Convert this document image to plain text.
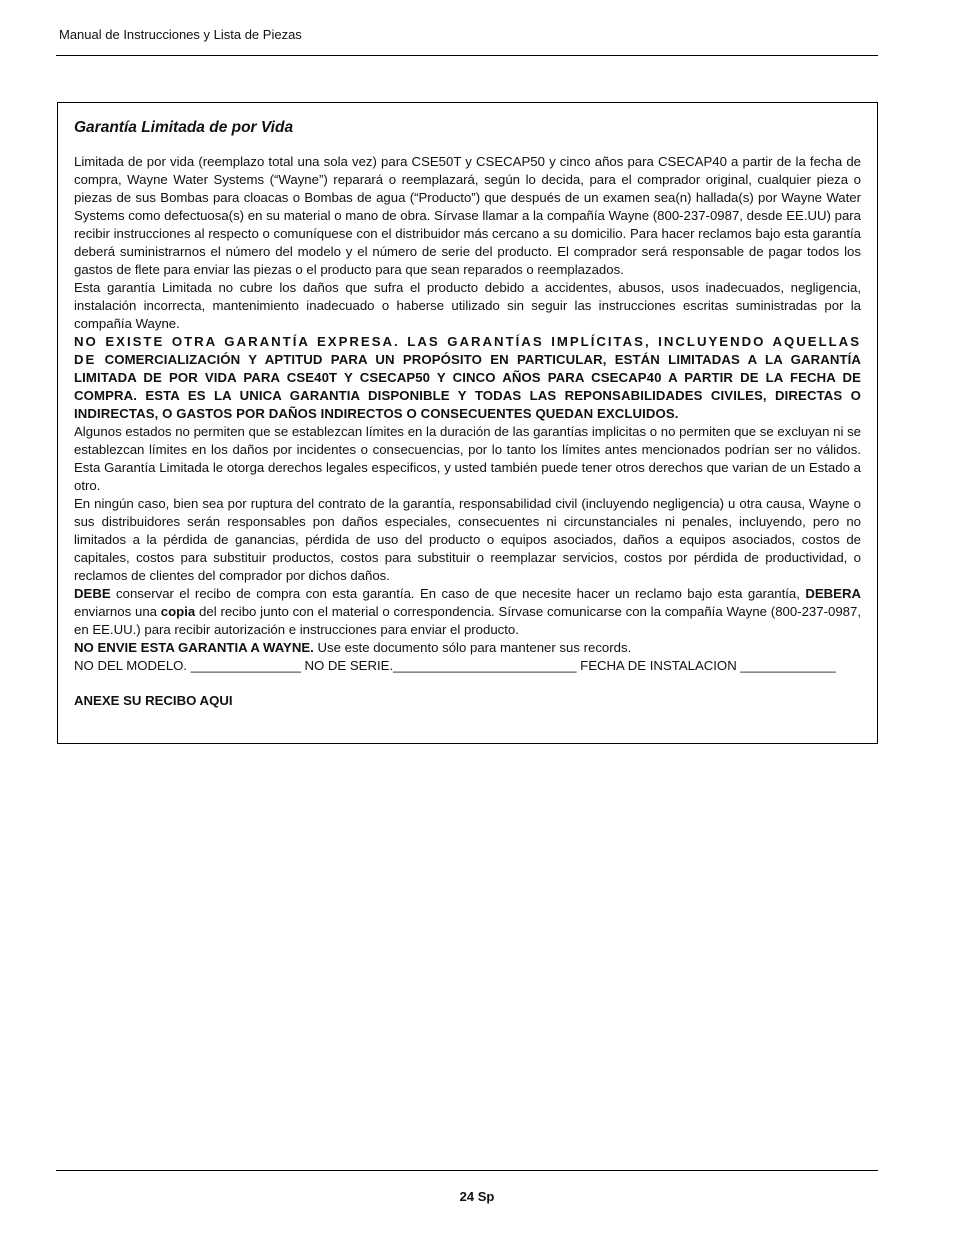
Manual de Instrucciones y Lista de Piezas
Garantía Limitada de por Vida

Limitada de por vida (reemplazo total una sola vez) para CSE50T y CSECAP50 y cinco años para CSECAP40 a partir de la fecha de compra, Wayne Water Systems (“Wayne”) reparará o reemplazará, según lo decida, para el comprador original, cualquier pieza o piezas de sus Bombas para cloacas o Bombas de agua (“Producto”) que después de un examen sea(n) hallada(s) por Wayne Water Systems como defectuosa(s) en su material o mano de obra. Sírvase llamar a la compañía Wayne (800-237-0987, desde EE.UU) para recibir instrucciones al respecto o comuníquese con el distribuidor más cercano a su domicilio. Para hacer reclamos bajo esta garantía deberá suministrarnos el número del modelo y el número de serie del producto. El comprador será responsable de pagar todos los gastos de flete para enviar las piezas o el producto para que sean reparados o reemplazados.

Esta garantía Limitada no cubre los daños que sufra el producto debido a accidentes, abusos, usos inadecuados, negligencia, instalación incorrecta, mantenimiento inadecuado o haberse utilizado sin seguir las instrucciones escritas suministradas por la compañía Wayne.

NO EXISTE OTRA GARANTÍA EXPRESA. LAS GARANTÍAS IMPLÍCITAS, INCLUYENDO AQUELLAS DE COMERCIALIZACIÓN Y APTITUD PARA UN PROPÓSITO EN PARTICULAR, ESTÁN LIMITADAS A LA GARANTÍA LIMITADA DE POR VIDA PARA CSE40T Y CSECAP50 Y CINCO AÑOS PARA CSECAP40 A PARTIR DE LA FECHA DE COMPRA. ESTA ES LA UNICA GARANTIA DISPONIBLE Y TODAS LAS REPONSABILIDADES CIVILES, DIRECTAS O INDIRECTAS, O GASTOS POR DAÑOS INDIRECTOS O CONSECUENTES QUEDAN EXCLUIDOS.

Algunos estados no permiten que se establezcan límites en la duración de las garantías implicitas o no permiten que se excluyan ni se establezcan límites en los daños por incidentes o consecuencias, por lo tanto los límites antes mencionados podrían ser no válidos. Esta Garantía Limitada le otorga derechos legales especificos, y usted también puede tener otros derechos que varian de un Estado a otro.

En ningún caso, bien sea por ruptura del contrato de la garantía, responsabilidad civil (incluyendo negligencia) u otra causa, Wayne o sus distribuidores serán responsables pon daños especiales, consecuentes ni circunstanciales ni penales, incluyendo, pero no limitados a la pérdida de ganancias, pérdida de uso del producto o equipos asociados, daños a equipos asociados, costos de capitales, costos para substituir productos, costos para substituir o reemplazar servicios, costos por pérdida de productividad, o reclamos de clientes del comprador por dichos daños.

DEBE conservar el recibo de compra con esta garantía. En caso de que necesite hacer un reclamo bajo esta garantía, DEBERA enviarnos una copia del recibo junto con el material o correspondencia. Sírvase comunicarse con la compañía Wayne (800-237-0987, en EE.UU.) para recibir autorización e instrucciones para enviar el producto.

NO ENVIE ESTA GARANTIA A WAYNE. Use este documento sólo para mantener sus records.

NO DEL MODELO. _______________ NO DE SERIE._________________________ FECHA DE INSTALACION _____________
ANEXE SU RECIBO AQUI
24 Sp
